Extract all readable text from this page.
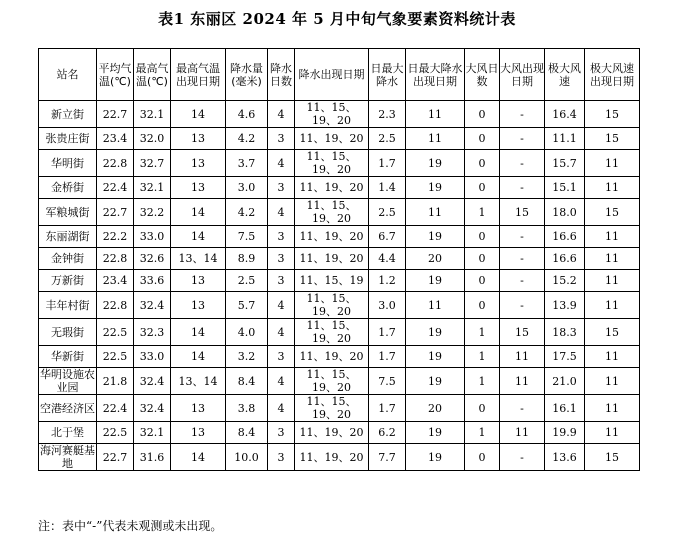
表1 东丽区 2024 年 5 月中旬气象要素资料统计表
站名	平均气温(℃)	最高气温(℃)	最高气温出现日期	降水量(毫米)	降水日数	降水出现日期	日最大降水	日最大降水出现日期	大风日数	大风出现日期	极大风速	极大风速出现日期
新立街	22.7	32.1	14	4.6	4	11、15、19、20	2.3	11	0	-	16.4	15
张贵庄街	23.4	32.0	13	4.2	3	11、19、20	2.5	11	0	-	11.1	15
华明街	22.8	32.7	13	3.7	4	11、15、19、20	1.7	19	0	-	15.7	11
金桥街	22.4	32.1	13	3.0	3	11、19、20	1.4	19	0	-	15.1	11
军粮城街	22.7	32.2	14	4.2	4	11、15、19、20	2.5	11	1	15	18.0	15
东丽湖街	22.2	33.0	14	7.5	3	11、19、20	6.7	19	0	-	16.6	11
金钟街	22.8	32.6	13、14	8.9	3	11、19、20	4.4	20	0	-	16.6	11
万新街	23.4	33.6	13	2.5	3	11、15、19	1.2	19	0	-	15.2	11
丰年村街	22.8	32.4	13	5.7	4	11、15、19、20	3.0	11	0	-	13.9	11
无瑕街	22.5	32.3	14	4.0	4	11、15、19、20	1.7	19	1	15	18.3	15
华新街	22.5	33.0	14	3.2	3	11、19、20	1.7	19	1	11	17.5	11
华明设施农业园	21.8	32.4	13、14	8.4	4	11、15、19、20	7.5	19	1	11	21.0	11
空港经济区	22.4	32.4	13	3.8	4	11、15、19、20	1.7	20	0	-	16.1	11
北于堡	22.5	32.1	13	8.4	3	11、19、20	6.2	19	1	11	19.9	11
海河赛艇基地	22.7	31.6	14	10.0	3	11、19、20	7.7	19	0	-	13.6	15
注：表中“-”代表未观测或未出现。
